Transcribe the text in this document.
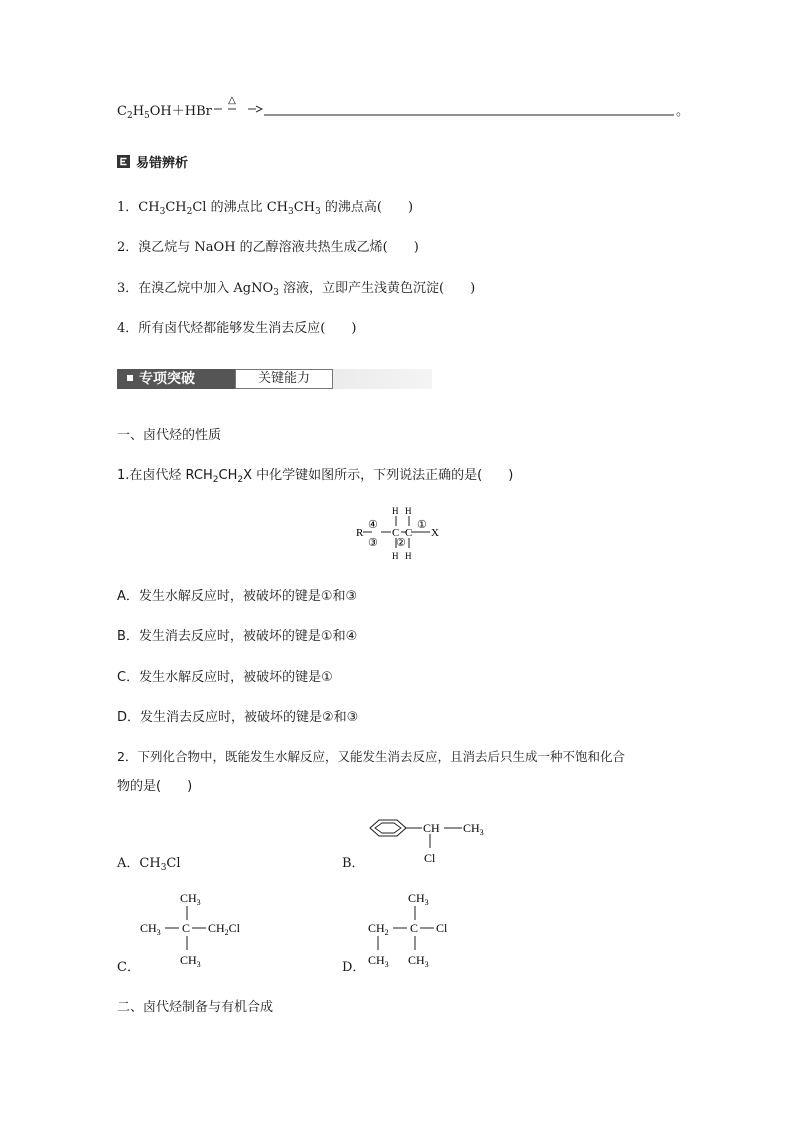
$C_2H_5OH+HBr$
△
。
易错辨析
1．$CH_3CH_2Cl$ 的沸点比 $CH_3CH_3$ 的沸点高( )
2．溴乙烷与 NaOH 的乙醇溶液共热生成乙烯( )
3．在溴乙烷中加入 AgNO$_3$ 溶液，立即产生浅黄色沉淀( )
4．所有卤代烃都能够发生消去反应( )
专项突破	关键能力
一、卤代烃的性质
1.在卤代烃 $RCH_2CH_2X$ 中化学键如图所示，下列说法正确的是( )
R
④
③
C
H
H
②
C
H
H
①
X
A．发生水解反应时，被破坏的键是①和③
B．发生消去反应时，被破坏的键是①和④
C．发生水解反应时，被破坏的键是①
D．发生消去反应时，被破坏的键是②和③
2．下列化合物中，既能发生水解反应，又能发生消去反应，且消去后只生成一种不饱和化合
物的是( )
A．$CH_3Cl$	B．
CH $CH_3$
Cl
C．
$CH_3$
$CH_3$ C $CH_2Cl$
$CH_3$	D．
$CH_3$
$CH_2$ C Cl
$CH_3$ $CH_3$
二、卤代烃制备与有机合成
